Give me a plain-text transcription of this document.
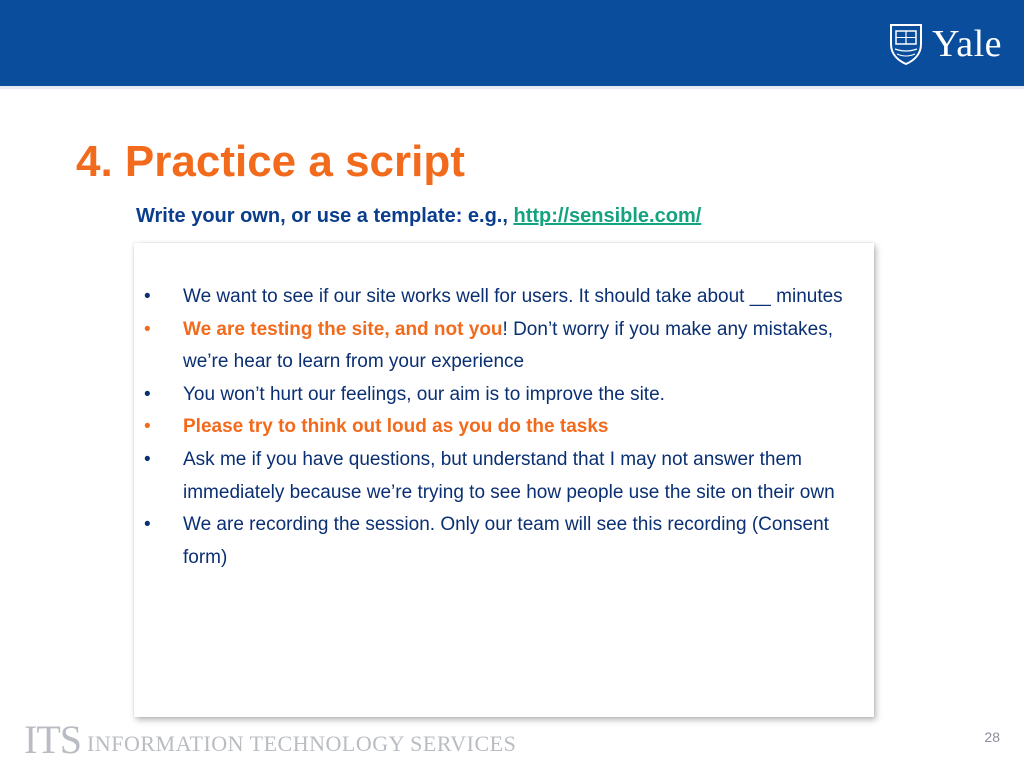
Yale
4. Practice a script
Write your own, or use a template: e.g., http://sensible.com/
• We want to see if our site works well for users. It should take about __ minutes
• We are testing the site, and not you! Don’t worry if you make any mistakes, we’re hear to learn from your experience
• You won’t hurt our feelings, our aim is to improve the site.
• Please try to think out loud as you do the tasks
• Ask me if you have questions, but understand that I may not answer them immediately because we’re trying to see how people use the site on their own
• We are recording the session. Only our team will see this recording (Consent form)
ITS INFORMATION TECHNOLOGY SERVICES	28
